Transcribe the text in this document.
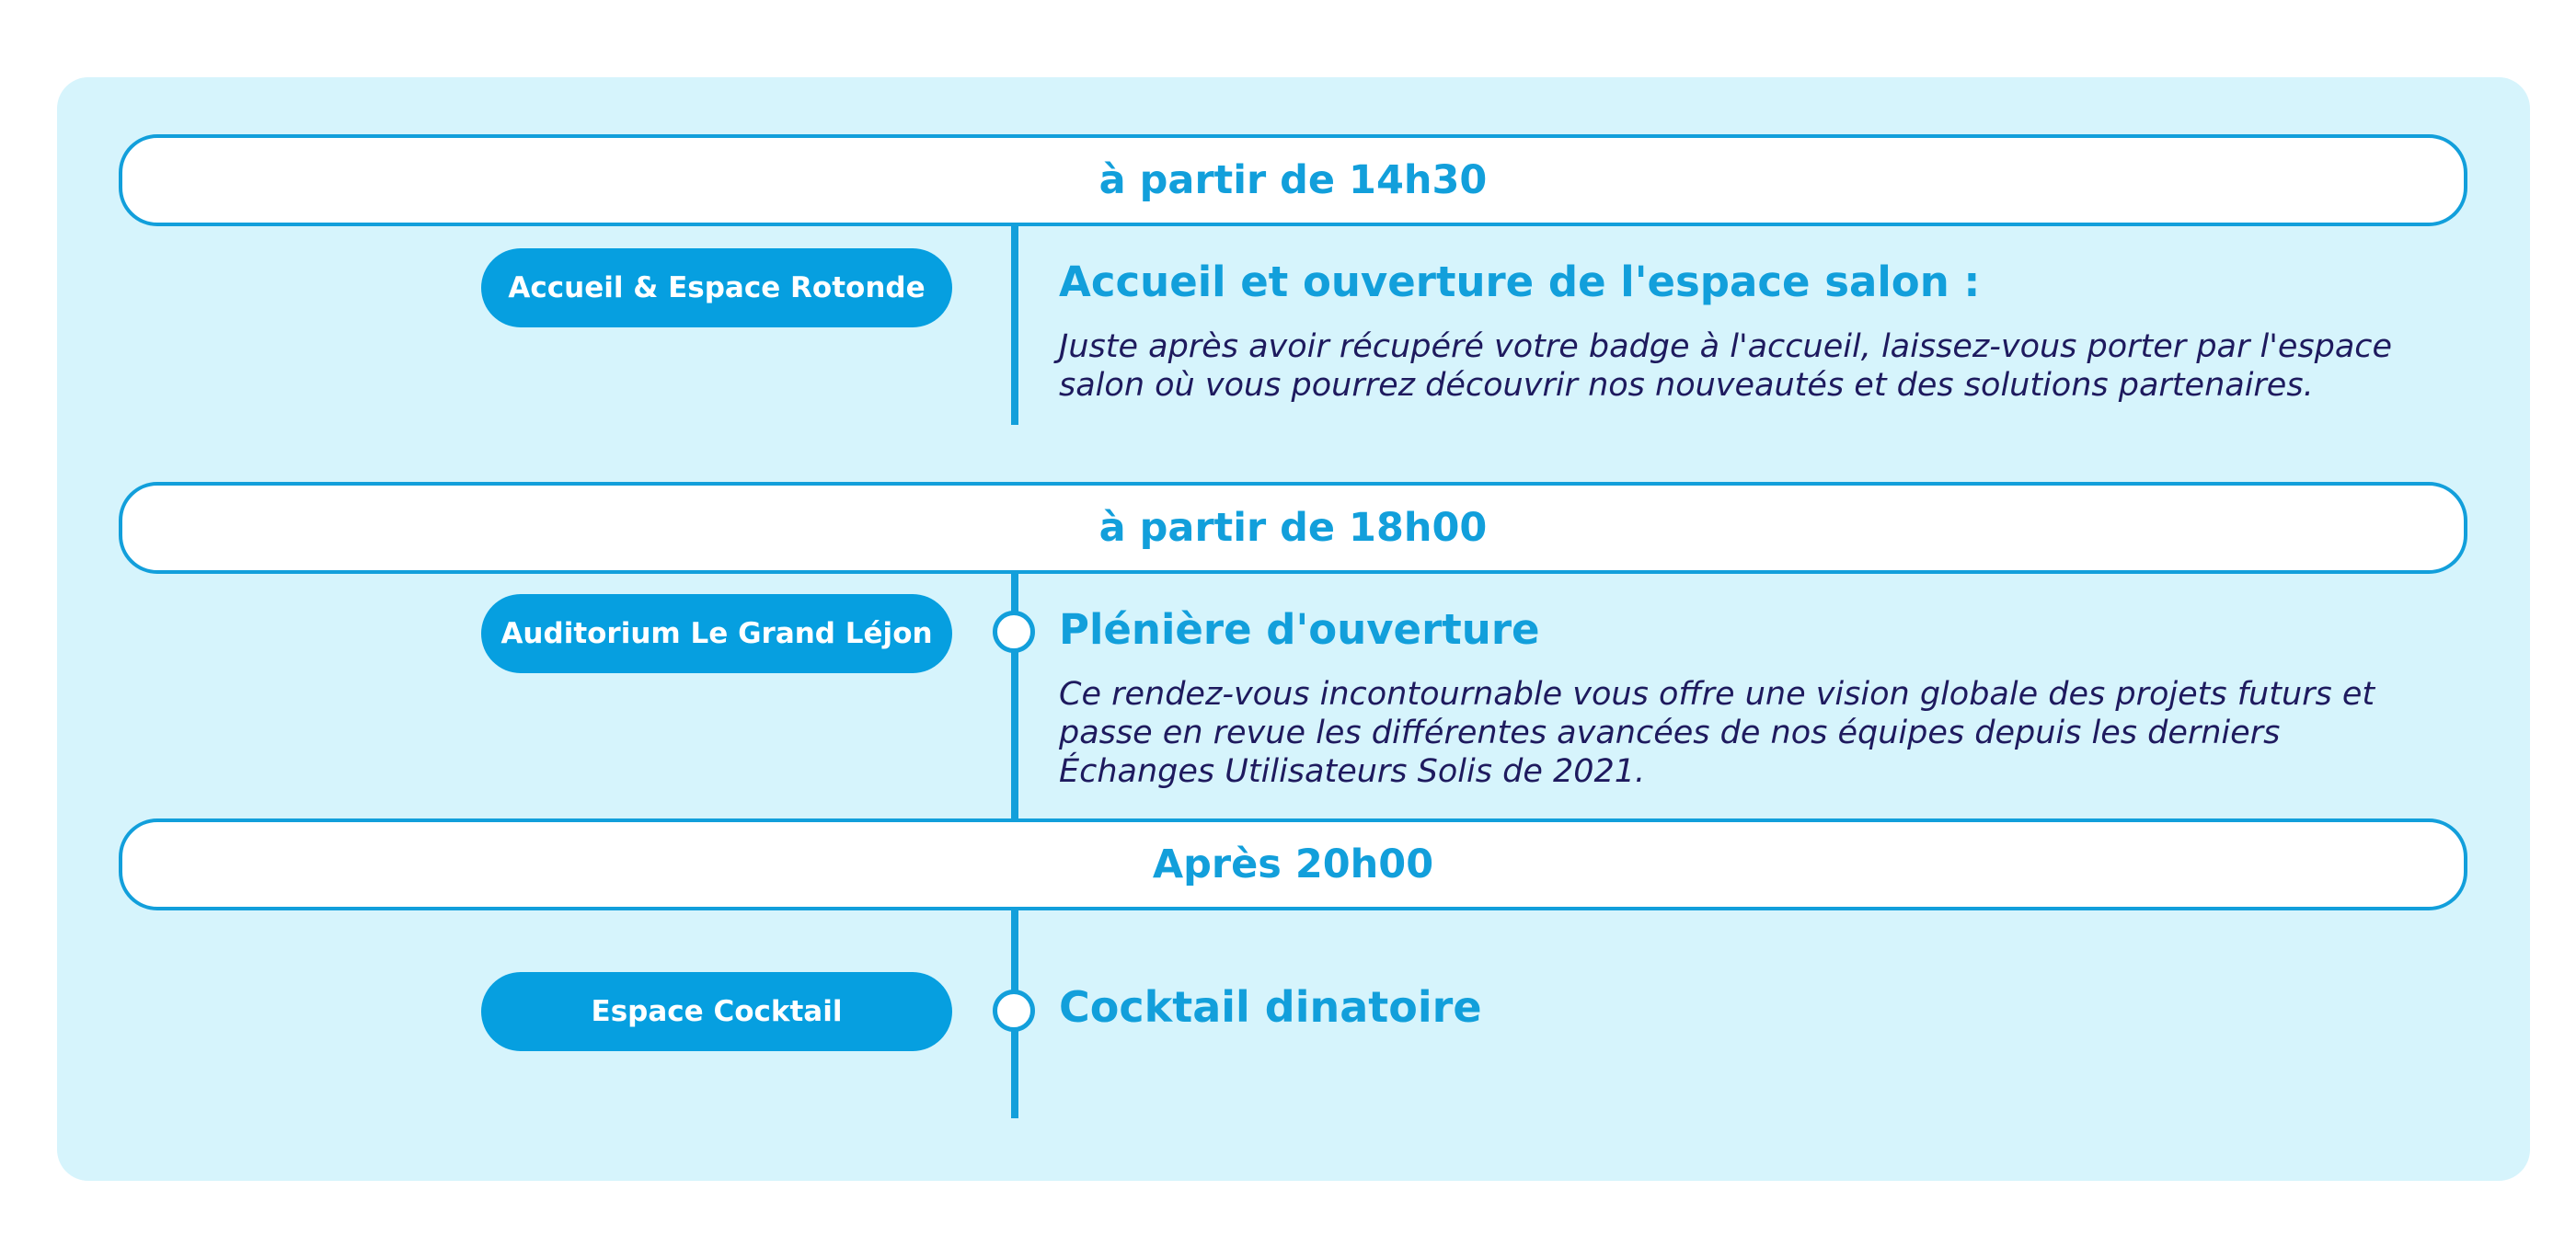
à partir de 14h30
Accueil & Espace Rotonde	Accueil et ouverture de l'espace salon :
Juste après avoir récupéré votre badge à l'accueil, laissez-vous porter par l'espace salon où vous pourrez découvrir nos nouveautés et des solutions partenaires.
à partir de 18h00
Auditorium Le Grand Léjon	Plénière d'ouverture
Ce rendez-vous incontournable vous offre une vision globale des projets futurs et passe en revue les différentes avancées de nos équipes depuis les derniers Échanges Utilisateurs Solis de 2021.
Après 20h00
Espace Cocktail	Cocktail dinatoire
